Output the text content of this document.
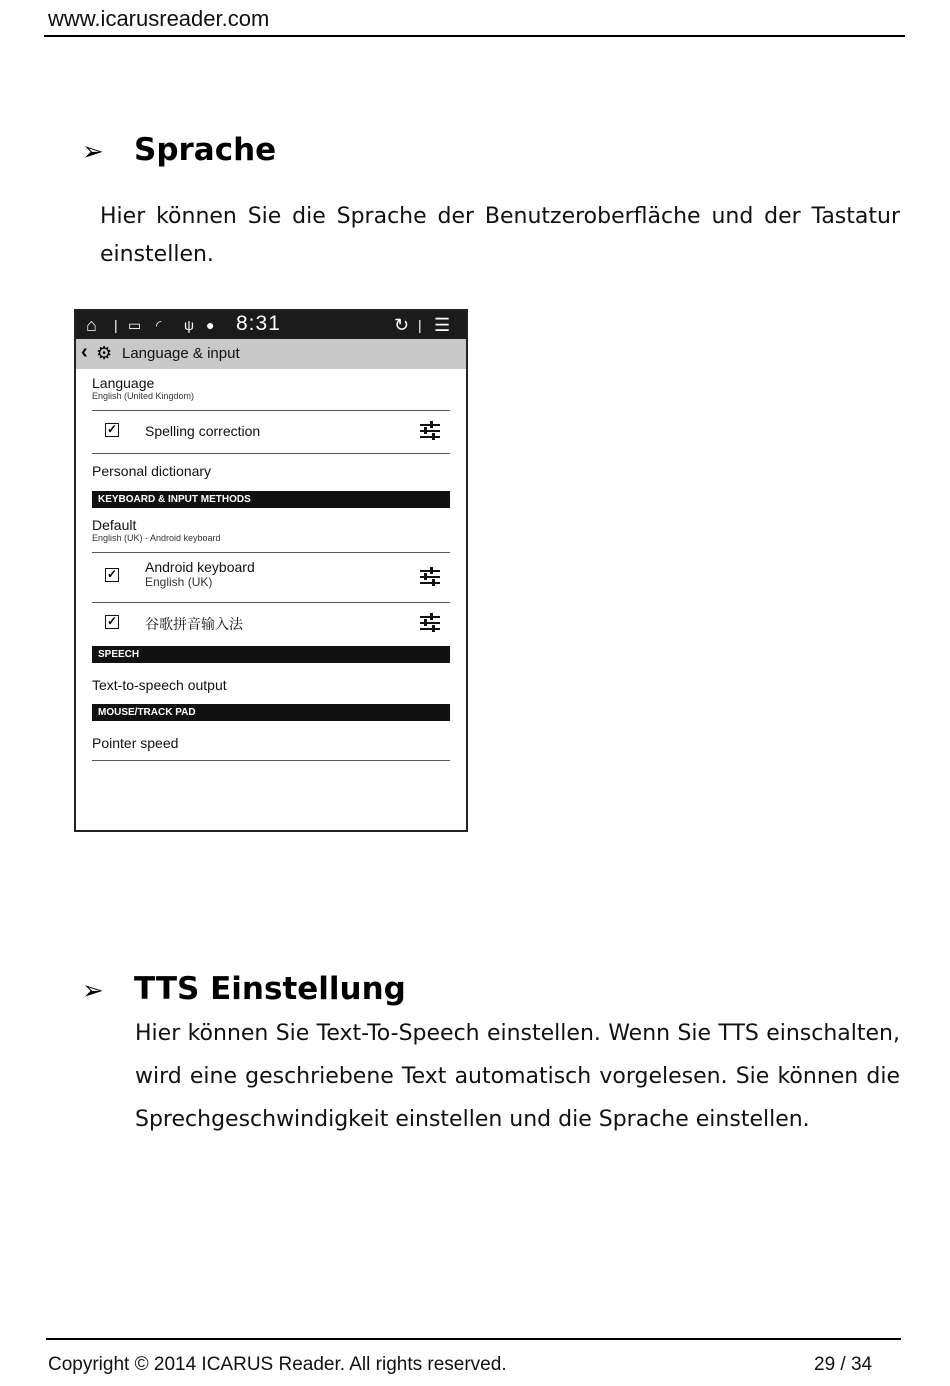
www.icarusreader.com
➢ Sprache
Hier können Sie die Sprache der Benutzeroberfläche und der Tastatur einstellen.
⌂ | ▭ ◜ ψ ● 8:31	↻ | ☰
‹ ⚙ Language & input
Language
English (United Kingdom)
✓ Spelling correction
Personal dictionary
KEYBOARD & INPUT METHODS
Default
English (UK) - Android keyboard
✓ Android keyboard
English (UK)
✓ 谷歌拼音输入法
SPEECH
Text-to-speech output
MOUSE/TRACK PAD
Pointer speed
➢ TTS Einstellung
Hier können Sie Text-To-Speech einstellen. Wenn Sie TTS einschalten, wird eine geschriebene Text automatisch vorgelesen. Sie können die Sprechgeschwindigkeit einstellen und die Sprache einstellen.
Copyright © 2014 ICARUS Reader. All rights reserved.	29 / 34
